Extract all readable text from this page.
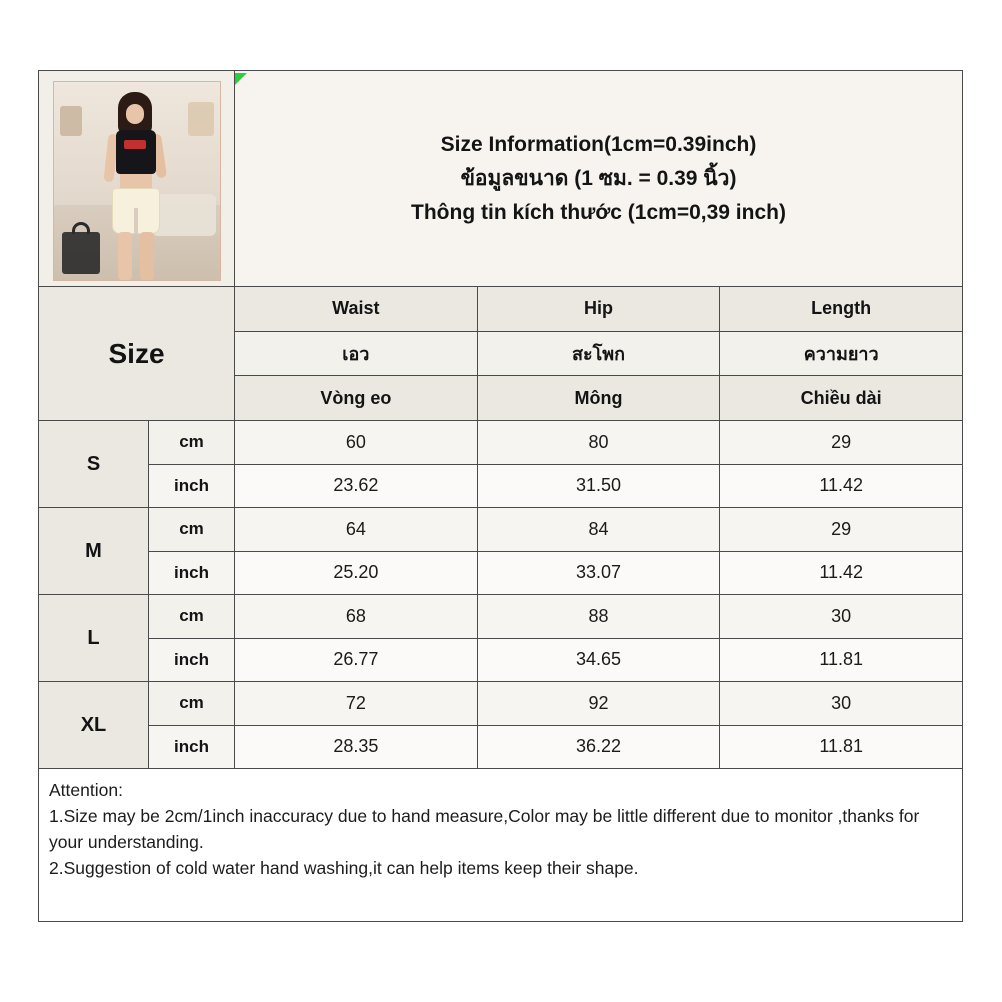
Size Information(1cm=0.39inch)
ข้อมูลขนาด (1 ซม. = 0.39 นิ้ว)
Thông tin kích thước (1cm=0,39 inch)
Size
Waist	Hip	Length
เอว	สะโพก	ความยาว
Vòng eo	Mông	Chiều dài
S
cm	60	80	29
inch	23.62	31.50	11.42
M
cm	64	84	29
inch	25.20	33.07	11.42
L
cm	68	88	30
inch	26.77	34.65	11.81
XL
cm	72	92	30
inch	28.35	36.22	11.81

Attention:

1.Size may be 2cm/1inch inaccuracy due to hand measure,Color may be little different due to monitor ,thanks for your understanding.

2.Suggestion of cold water hand washing,it can help items keep their shape.
